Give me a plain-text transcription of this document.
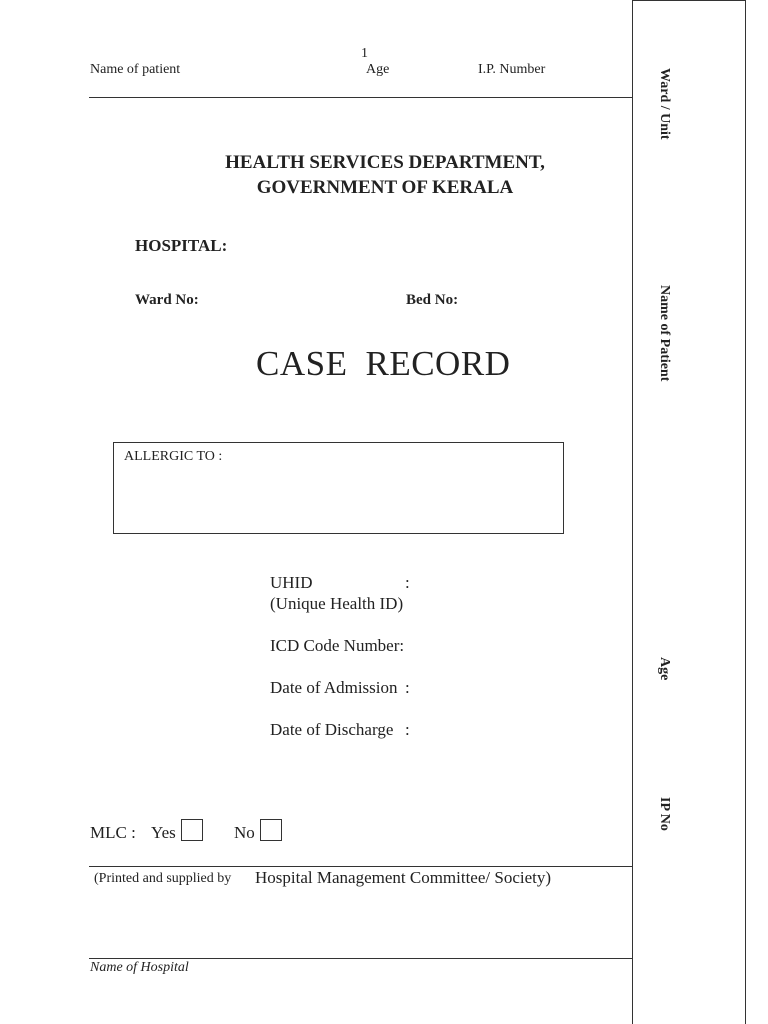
1
Name of patient	Age	I.P. Number
HEALTH SERVICES DEPARTMENT,
GOVERNMENT OF KERALA
HOSPITAL:
Ward No:	Bed No:
CASE RECORD
ALLERGIC TO :
UHID	:
(Unique Health ID)
ICD Code Number:
Date of Admission :
Date of Discharge :
MLC : Yes	No
(Printed and supplied by Hospital Management Committee/ Society)
Name of Hospital
Ward / Unit
Name of Patient
Age
IP No
